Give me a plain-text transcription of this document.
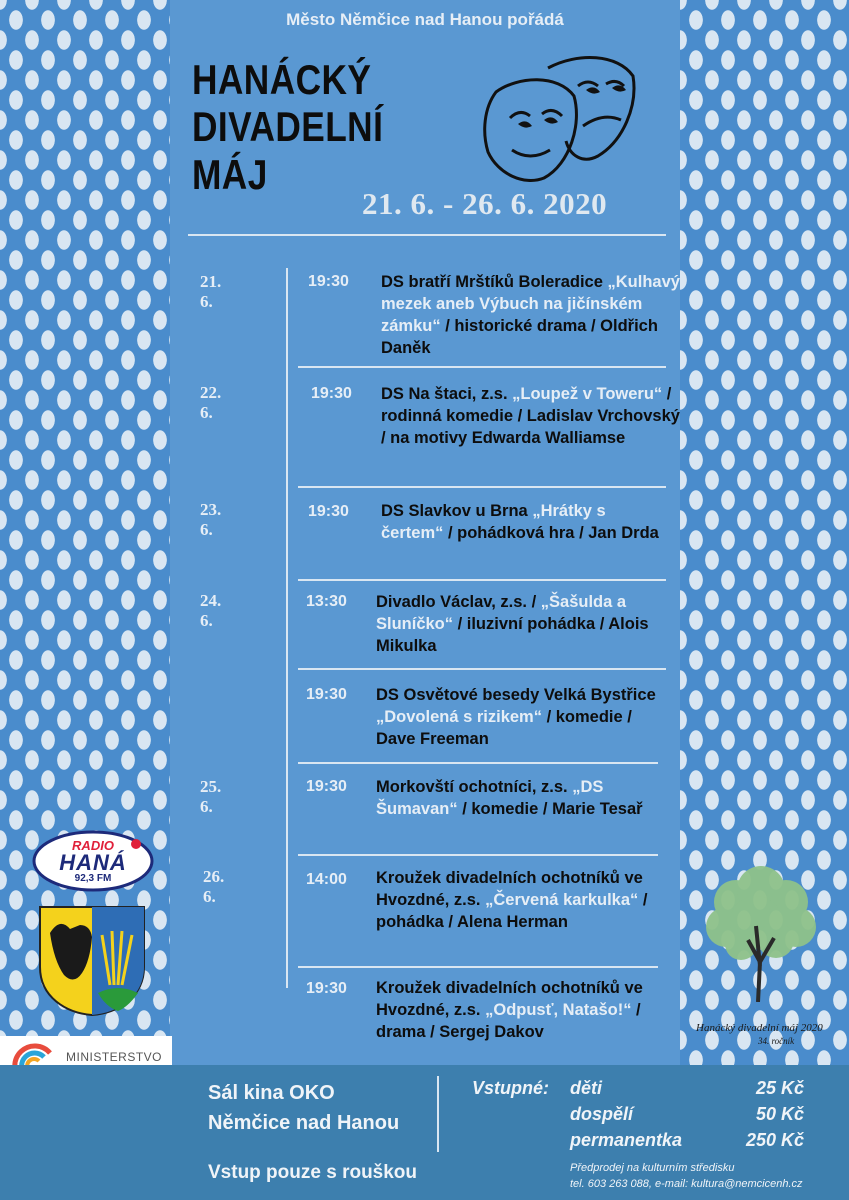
Město Němčice nad Hanou pořádá
HANÁCKÝ
DIVADELNÍ
MÁJ
21. 6. - 26. 6. 2020
21. 6.
19:30 DS bratří Mrštíků Boleradice „Kulhavý mezek aneb Výbuch na jičínském zámku“ / historické drama / Oldřich Daněk
22. 6.
19:30 DS Na štaci, z.s. „Loupež v Toweru“ / rodinná komedie / Ladislav Vrchovský / na motivy Edwarda Walliamse
23. 6.
19:30 DS Slavkov u Brna „Hrátky s čertem“ / pohádková hra / Jan Drda
24. 6.
13:30 Divadlo Václav, z.s. / „Šašulda a Sluníčko“ / iluzivní pohádka / Alois Mikulka
19:30 DS Osvětové besedy Velká Bystřice „Dovolená s rizikem“ / komedie / Dave Freeman
25. 6.
19:30 Morkovští ochotníci, z.s. „DS Šumavan“ / komedie / Marie Tesař
26. 6.
14:00 Kroužek divadelních ochotníků ve Hvozdné, z.s. „Červená karkulka“ / pohádka / Alena Herman
19:30 Kroužek divadelních ochotníků ve Hvozdné, z.s. „Odpusť, Natašo!“ / drama / Sergej Dakov
RADIO
HANÁ
92,3 FM
Hanácký divadelní máj 2020
34. ročník
MINISTERSTVO
Sál kina OKO
Němčice nad Hanou
Vstup pouze s rouškou
Vstupné: děti	25 Kč
dospělí	50 Kč
permanentka	250 Kč
Předprodej na kulturním středisku
tel. 603 263 088, e-mail: kultura@nemcicenh.cz
